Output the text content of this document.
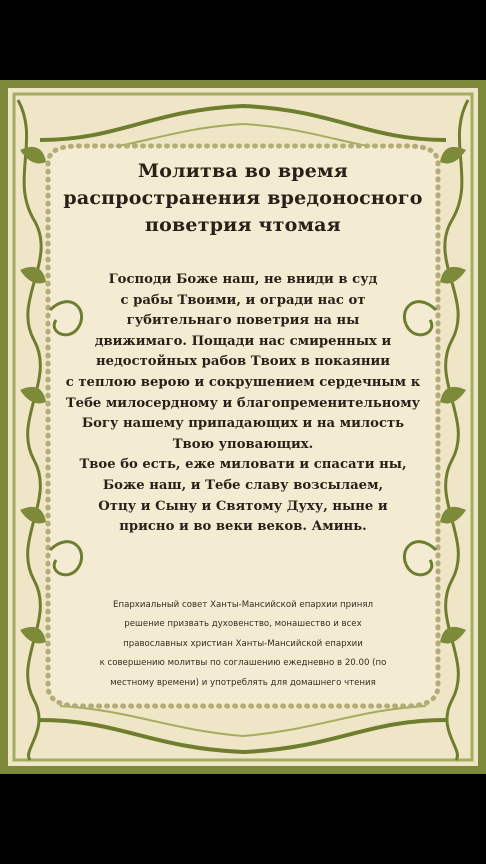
Молитва во время
распространения вредоносного
поветрия чтомая
Господи Боже наш, не вниди в суд
с рабы Твоими, и огради нас от
губительнаго поветрия на ны
движимаго. Пощади нас смиренных и
недостойных рабов Твоих в покаянии
с теплою верою и сокрушением сердечным к
Тебе милосердному и благопременительному
Богу нашему припадающих и на милость
Твою уповающих.
Твое бо есть, еже миловати и спасати ны,
Боже наш, и Тебе славу возсылаем,
Отцу и Сыну и Святому Духу, ныне и
присно и во веки веков. Аминь.
Епархиальный совет Ханты-Мансийской епархии принял
решение призвать духовенство, монашество и всех
православных христиан Ханты-Мансийской епархии
к совершению молитвы по соглашению ежедневно в 20.00 (по
местному времени) и употреблять для домашнего чтения
